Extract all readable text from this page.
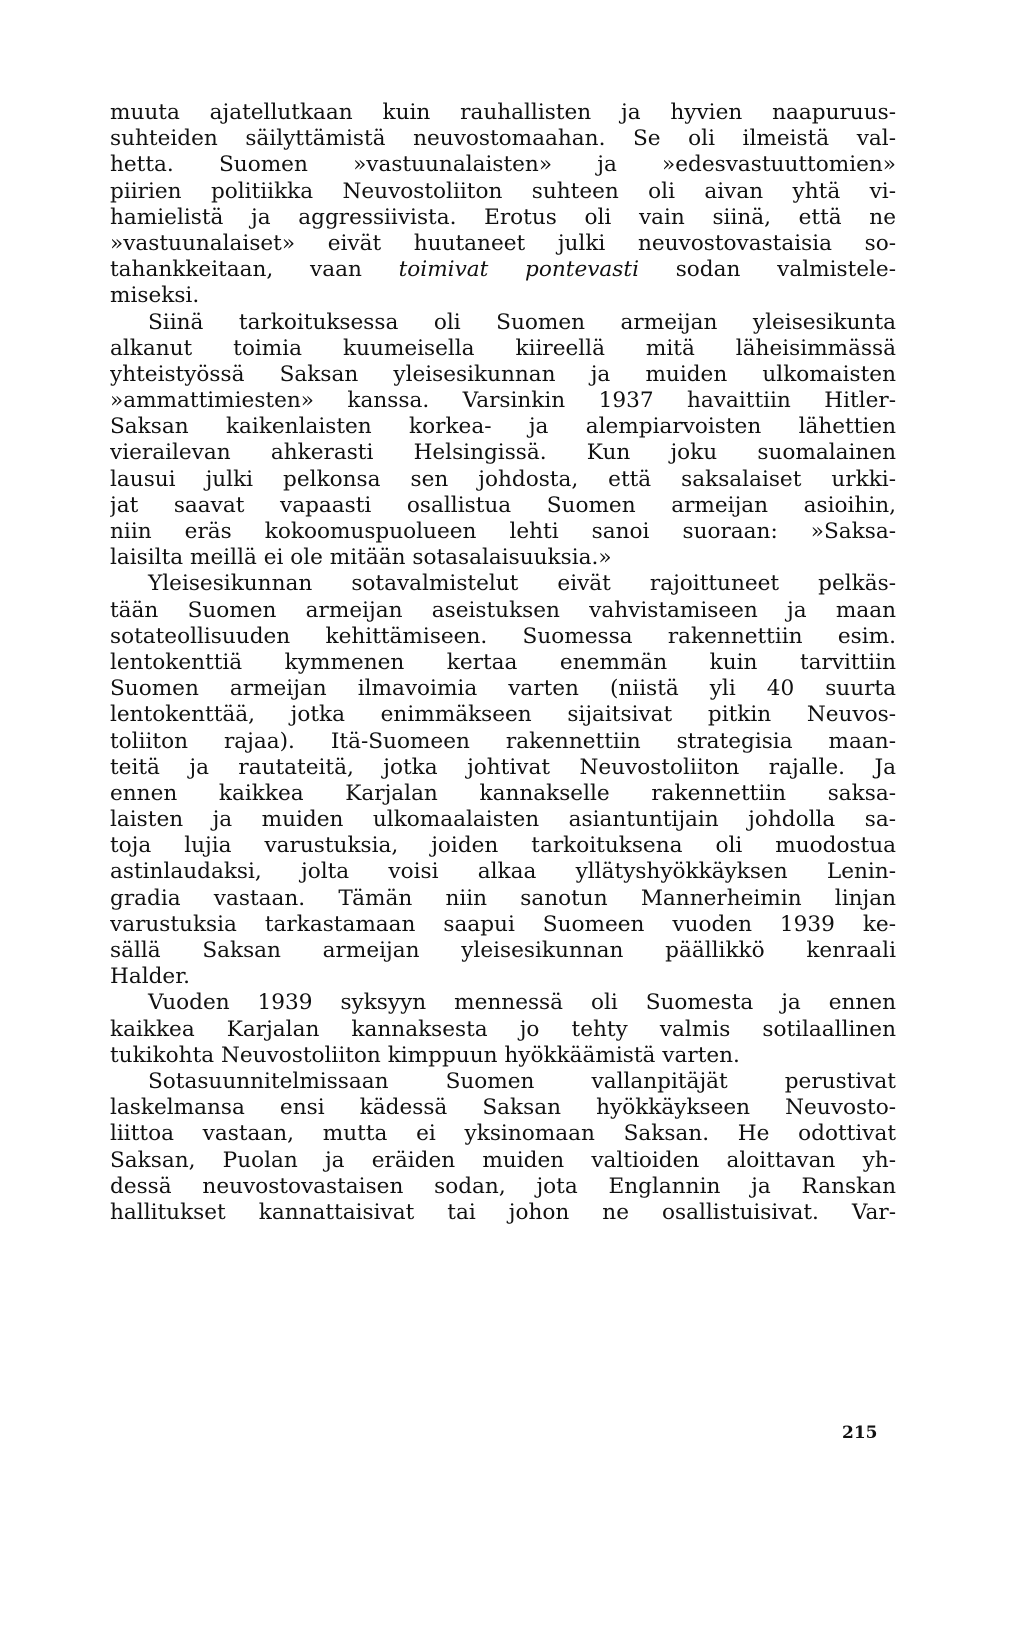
muuta ajatellutkaan kuin rauhallisten ja hyvien naapuruus-
suhteiden säilyttämistä neuvostomaahan. Se oli ilmeistä val-
hetta. Suomen »vastuunalaisten» ja »edesvastuuttomien»
piirien politiikka Neuvostoliiton suhteen oli aivan yhtä vi-
hamielistä ja aggressiivista. Erotus oli vain siinä, että ne
»vastuunalaiset» eivät huutaneet julki neuvostovastaisia so-
tahankkeitaan, vaan toimivat pontevasti sodan valmistele-
miseksi.
Siinä tarkoituksessa oli Suomen armeijan yleisesikunta
alkanut toimia kuumeisella kiireellä mitä läheisimmässä
yhteistyössä Saksan yleisesikunnan ja muiden ulkomaisten
»ammattimiesten» kanssa. Varsinkin 1937 havaittiin Hitler-
Saksan kaikenlaisten korkea- ja alempiarvoisten lähettien
vierailevan ahkerasti Helsingissä. Kun joku suomalainen
lausui julki pelkonsa sen johdosta, että saksalaiset urkki-
jat saavat vapaasti osallistua Suomen armeijan asioihin,
niin eräs kokoomuspuolueen lehti sanoi suoraan: »Saksa-
laisilta meillä ei ole mitään sotasalaisuuksia.»
Yleisesikunnan sotavalmistelut eivät rajoittuneet pelkäs-
tään Suomen armeijan aseistuksen vahvistamiseen ja maan
sotateollisuuden kehittämiseen. Suomessa rakennettiin esim.
lentokenttiä kymmenen kertaa enemmän kuin tarvittiin
Suomen armeijan ilmavoimia varten (niistä yli 40 suurta
lentokenttää, jotka enimmäkseen sijaitsivat pitkin Neuvos-
toliiton rajaa). Itä-Suomeen rakennettiin strategisia maan-
teitä ja rautateitä, jotka johtivat Neuvostoliiton rajalle. Ja
ennen kaikkea Karjalan kannakselle rakennettiin saksa-
laisten ja muiden ulkomaalaisten asiantuntijain johdolla sa-
toja lujia varustuksia, joiden tarkoituksena oli muodostua
astinlaudaksi, jolta voisi alkaa yllätyshyökkäyksen Lenin-
gradia vastaan. Tämän niin sanotun Mannerheimin linjan
varustuksia tarkastamaan saapui Suomeen vuoden 1939 ke-
sällä Saksan armeijan yleisesikunnan päällikkö kenraali
Halder.
Vuoden 1939 syksyyn mennessä oli Suomesta ja ennen
kaikkea Karjalan kannaksesta jo tehty valmis sotilaallinen
tukikohta Neuvostoliiton kimppuun hyökkäämistä varten.
Sotasuunnitelmissaan Suomen vallanpitäjät perustivat
laskelmansa ensi kädessä Saksan hyökkäykseen Neuvosto-
liittoa vastaan, mutta ei yksinomaan Saksan. He odottivat
Saksan, Puolan ja eräiden muiden valtioiden aloittavan yh-
dessä neuvostovastaisen sodan, jota Englannin ja Ranskan
hallitukset kannattaisivat tai johon ne osallistuisivat. Var-
215
